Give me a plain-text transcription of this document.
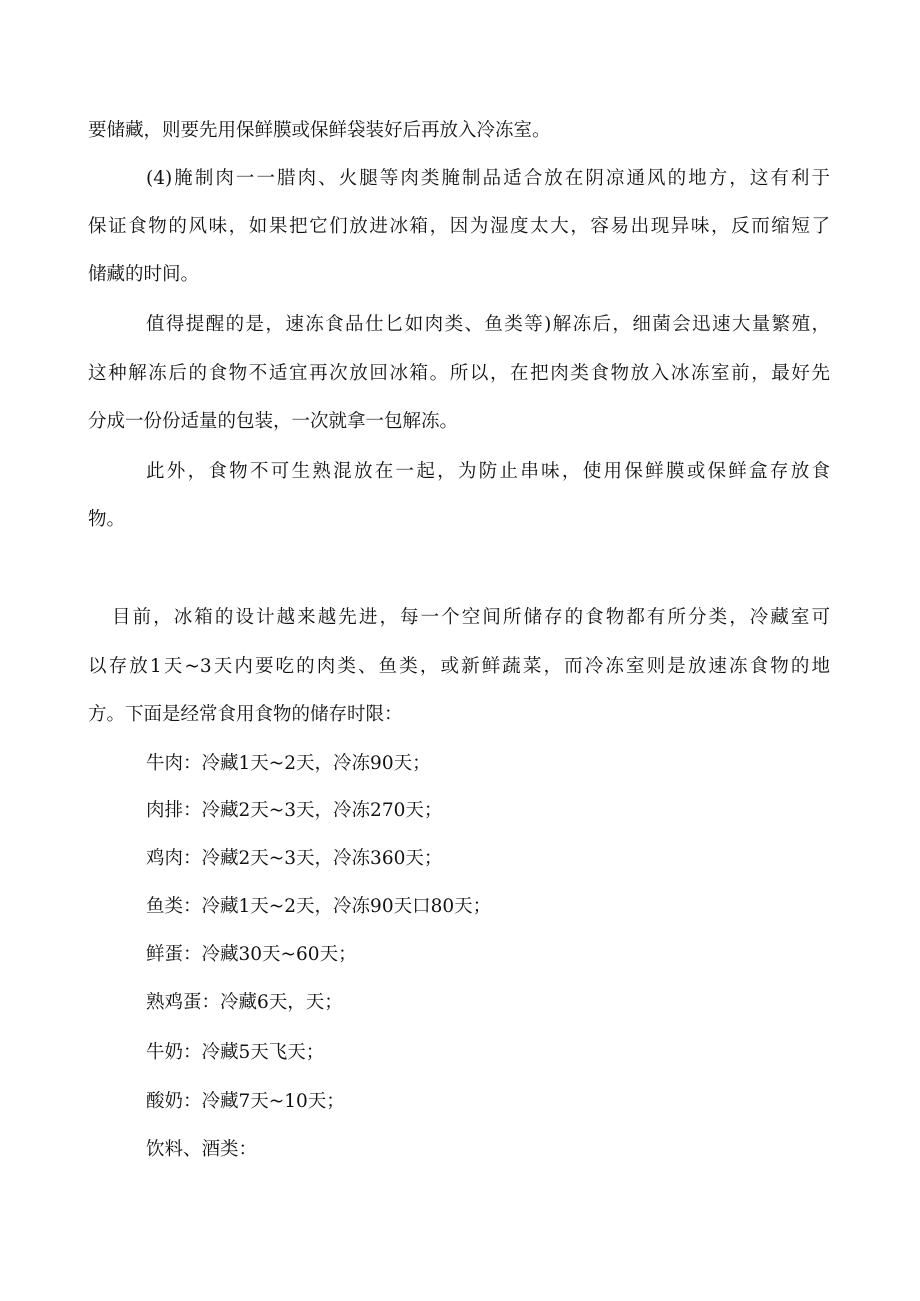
要储藏，则要先用保鲜膜或保鲜袋装好后再放入冷冻室。

(4)腌制肉一一腊肉、火腿等肉类腌制品适合放在阴凉通风的地方，这有利于

保证食物的风味，如果把它们放进冰箱，因为湿度太大，容易出现异味，反而缩短了

储藏的时间。

值得提醒的是，速冻食品仕匕如肉类、鱼类等)解冻后，细菌会迅速大量繁殖，

这种解冻后的食物不适宜再次放回冰箱。所以，在把肉类食物放入冰冻室前，最好先

分成一份份适量的包装，一次就拿一包解冻。

此外，食物不可生熟混放在一起，为防止串味，使用保鲜膜或保鲜盒存放食

物。

目前，冰箱的设计越来越先进，每一个空间所储存的食物都有所分类，冷藏室可

以存放1天~3天内要吃的肉类、鱼类，或新鲜蔬菜，而冷冻室则是放速冻食物的地

方。下面是经常食用食物的储存时限：

牛肉：冷藏1天~2天，冷冻90天；

肉排：冷藏2天~3天，冷冻270天；

鸡肉：冷藏2天~3天，冷冻360天；

鱼类：冷藏1天~2天，冷冻90天口80天；

鲜蛋：冷藏30天~60天；

熟鸡蛋：冷藏6天，天；

牛奶：冷藏5天飞天；

酸奶：冷藏7天~10天；

饮料、酒类：
